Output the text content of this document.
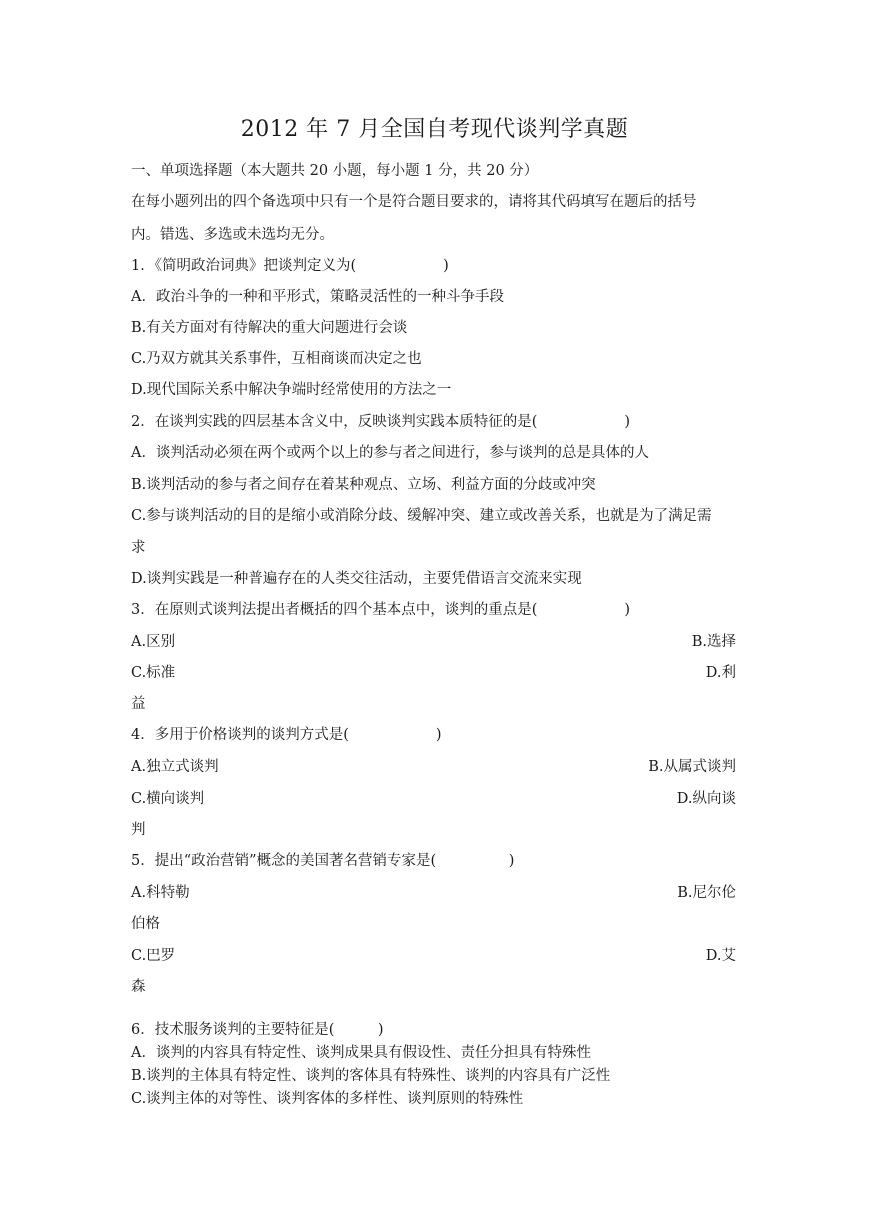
2012 年 7 月全国自考现代谈判学真题
一、单项选择题（本大题共 20 小题，每小题 1 分，共 20 分）
在每小题列出的四个备选项中只有一个是符合题目要求的，请将其代码填写在题后的括号
内。错选、多选或未选均无分。
1．《简明政治词典》把谈判定义为(　　　　　　)
A．政治斗争的一种和平形式，策略灵活性的一种斗争手段
B.有关方面对有待解决的重大问题进行会谈
C.乃双方就其关系事件，互相商谈而决定之也
D.现代国际关系中解决争端时经常使用的方法之一
2．在谈判实践的四层基本含义中，反映谈判实践本质特征的是(　　　　　　)
A．谈判活动必须在两个或两个以上的参与者之间进行，参与谈判的总是具体的人
B.谈判活动的参与者之间存在着某种观点、立场、利益方面的分歧或冲突
C.参与谈判活动的目的是缩小或消除分歧、缓解冲突、建立或改善关系，也就是为了满足需
求
D.谈判实践是一种普遍存在的人类交往活动，主要凭借语言交流来实现
3．在原则式谈判法提出者概括的四个基本点中，谈判的重点是(　　　　　　)
A.区别	B.选择
C.标准	D.利
益
4．多用于价格谈判的谈判方式是(　　　　　　)
A.独立式谈判	B.从属式谈判
C.横向谈判	D.纵向谈
判
5．提出“政治营销”概念的美国著名营销专家是(　　　　　)
A.科特勒	B.尼尔伦
伯格
C.巴罗	D.艾
森
6．技术服务谈判的主要特征是(　　　)
A．谈判的内容具有特定性、谈判成果具有假设性、责任分担具有特殊性
B.谈判的主体具有特定性、谈判的客体具有特殊性、谈判的内容具有广泛性
C.谈判主体的对等性、谈判客体的多样性、谈判原则的特殊性
